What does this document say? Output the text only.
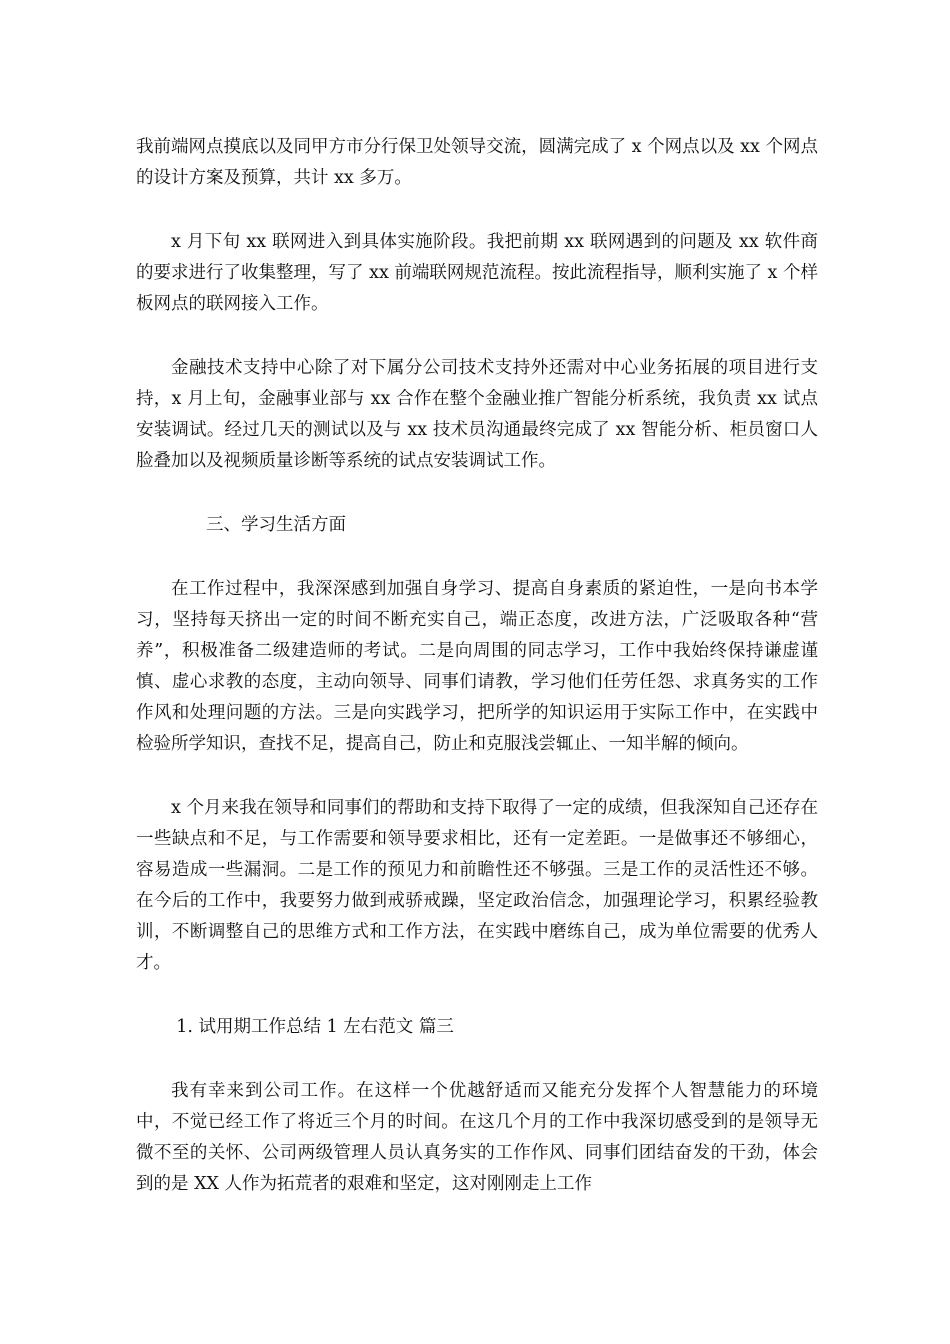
我前端网点摸底以及同甲方市分行保卫处领导交流，圆满完成了 x 个网点以及 xx 个网点的设计方案及预算，共计 xx 多万。

x 月下旬 xx 联网进入到具体实施阶段。我把前期 xx 联网遇到的问题及 xx 软件商的要求进行了收集整理，写了 xx 前端联网规范流程。按此流程指导，顺利实施了 x 个样板网点的联网接入工作。

金融技术支持中心除了对下属分公司技术支持外还需对中心业务拓展的项目进行支持，x 月上旬，金融事业部与 xx 合作在整个金融业推广智能分析系统，我负责 xx 试点安装调试。经过几天的测试以及与 xx 技术员沟通最终完成了 xx 智能分析、柜员窗口人脸叠加以及视频质量诊断等系统的试点安装调试工作。

三、学习生活方面

在工作过程中，我深深感到加强自身学习、提高自身素质的紧迫性，一是向书本学习，坚持每天挤出一定的时间不断充实自己，端正态度，改进方法，广泛吸取各种“营养”，积极准备二级建造师的考试。二是向周围的同志学习，工作中我始终保持谦虚谨慎、虚心求教的态度，主动向领导、同事们请教，学习他们任劳任怨、求真务实的工作作风和处理问题的方法。三是向实践学习，把所学的知识运用于实际工作中，在实践中检验所学知识，查找不足，提高自己，防止和克服浅尝辄止、一知半解的倾向。

x 个月来我在领导和同事们的帮助和支持下取得了一定的成绩，但我深知自己还存在一些缺点和不足，与工作需要和领导要求相比，还有一定差距。一是做事还不够细心，容易造成一些漏洞。二是工作的预见力和前瞻性还不够强。三是工作的灵活性还不够。在今后的工作中，我要努力做到戒骄戒躁，坚定政治信念，加强理论学习，积累经验教训，不断调整自己的思维方式和工作方法，在实践中磨练自己，成为单位需要的优秀人才。

1. 试用期工作总结 1 左右范文 篇三

我有幸来到公司工作。在这样一个优越舒适而又能充分发挥个人智慧能力的环境中，不觉已经工作了将近三个月的时间。在这几个月的工作中我深切感受到的是领导无微不至的关怀、公司两级管理人员认真务实的工作作风、同事们团结奋发的干劲，体会到的是 XX 人作为拓荒者的艰难和坚定，这对刚刚走上工作
